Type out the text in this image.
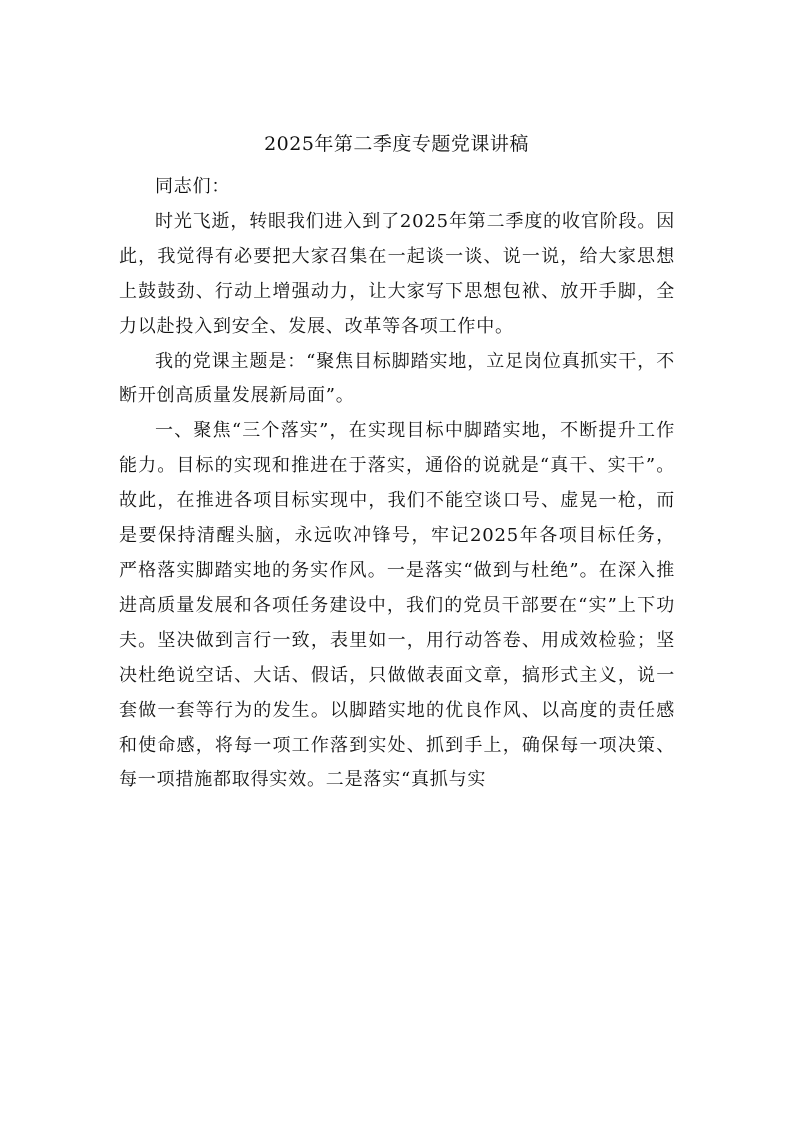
2025年第二季度专题党课讲稿

同志们：

时光飞逝，转眼我们进入到了2025年第二季度的收官阶段。因此，我觉得有必要把大家召集在一起谈一谈、说一说，给大家思想上鼓鼓劲、行动上增强动力，让大家写下思想包袱、放开手脚，全力以赴投入到安全、发展、改革等各项工作中。

我的党课主题是：“聚焦目标脚踏实地，立足岗位真抓实干，不断开创高质量发展新局面”。

一、聚焦“三个落实”，在实现目标中脚踏实地，不断提升工作能力。目标的实现和推进在于落实，通俗的说就是“真干、实干”。故此，在推进各项目标实现中，我们不能空谈口号、虚晃一枪，而是要保持清醒头脑，永远吹冲锋号，牢记2025年各项目标任务，严格落实脚踏实地的务实作风。一是落实“做到与杜绝”。在深入推进高质量发展和各项任务建设中，我们的党员干部要在“实”上下功夫。坚决做到言行一致，表里如一，用行动答卷、用成效检验；坚决杜绝说空话、大话、假话，只做做表面文章，搞形式主义，说一套做一套等行为的发生。以脚踏实地的优良作风、以高度的责任感和使命感，将每一项工作落到实处、抓到手上，确保每一项决策、每一项措施都取得实效。二是落实“真抓与实
